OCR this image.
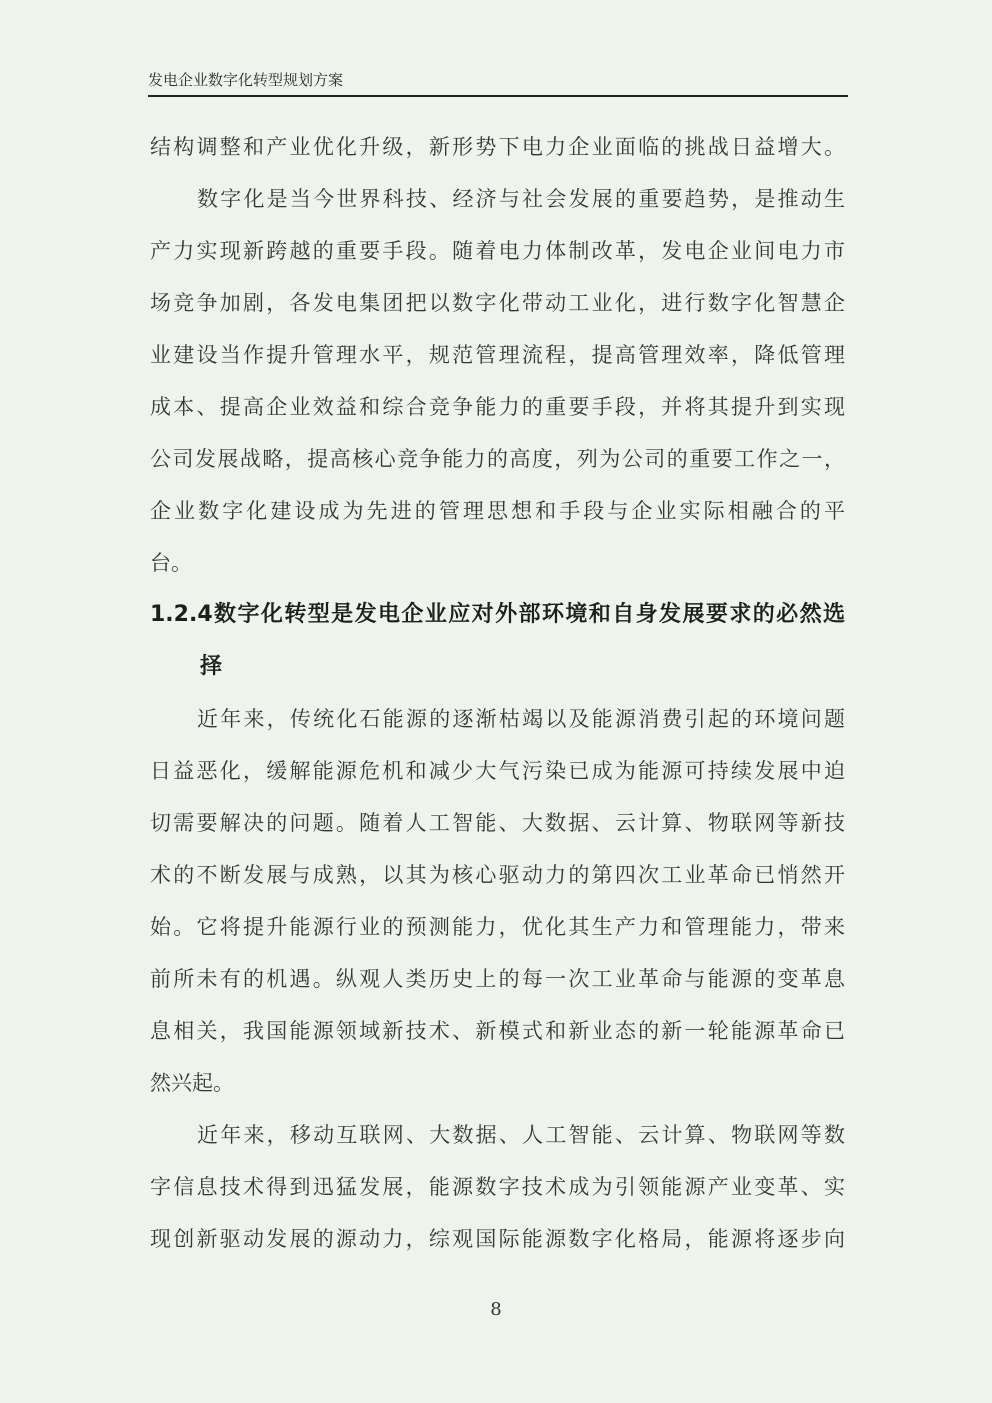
发电企业数字化转型规划方案
结构调整和产业优化升级，新形势下电力企业面临的挑战日益增大。
数字化是当今世界科技、经济与社会发展的重要趋势，是推动生
产力实现新跨越的重要手段。随着电力体制改革，发电企业间电力市
场竞争加剧，各发电集团把以数字化带动工业化，进行数字化智慧企
业建设当作提升管理水平，规范管理流程，提高管理效率，降低管理
成本、提高企业效益和综合竞争能力的重要手段，并将其提升到实现
公司发展战略，提高核心竞争能力的高度，列为公司的重要工作之一，
企业数字化建设成为先进的管理思想和手段与企业实际相融合的平
台。
1.2.4数字化转型是发电企业应对外部环境和自身发展要求的必然选
择
近年来，传统化石能源的逐渐枯竭以及能源消费引起的环境问题
日益恶化，缓解能源危机和减少大气污染已成为能源可持续发展中迫
切需要解决的问题。随着人工智能、大数据、云计算、物联网等新技
术的不断发展与成熟，以其为核心驱动力的第四次工业革命已悄然开
始。它将提升能源行业的预测能力，优化其生产力和管理能力，带来
前所未有的机遇。纵观人类历史上的每一次工业革命与能源的变革息
息相关，我国能源领域新技术、新模式和新业态的新一轮能源革命已
然兴起。
近年来，移动互联网、大数据、人工智能、云计算、物联网等数
字信息技术得到迅猛发展，能源数字技术成为引领能源产业变革、实
现创新驱动发展的源动力，综观国际能源数字化格局，能源将逐步向
8
